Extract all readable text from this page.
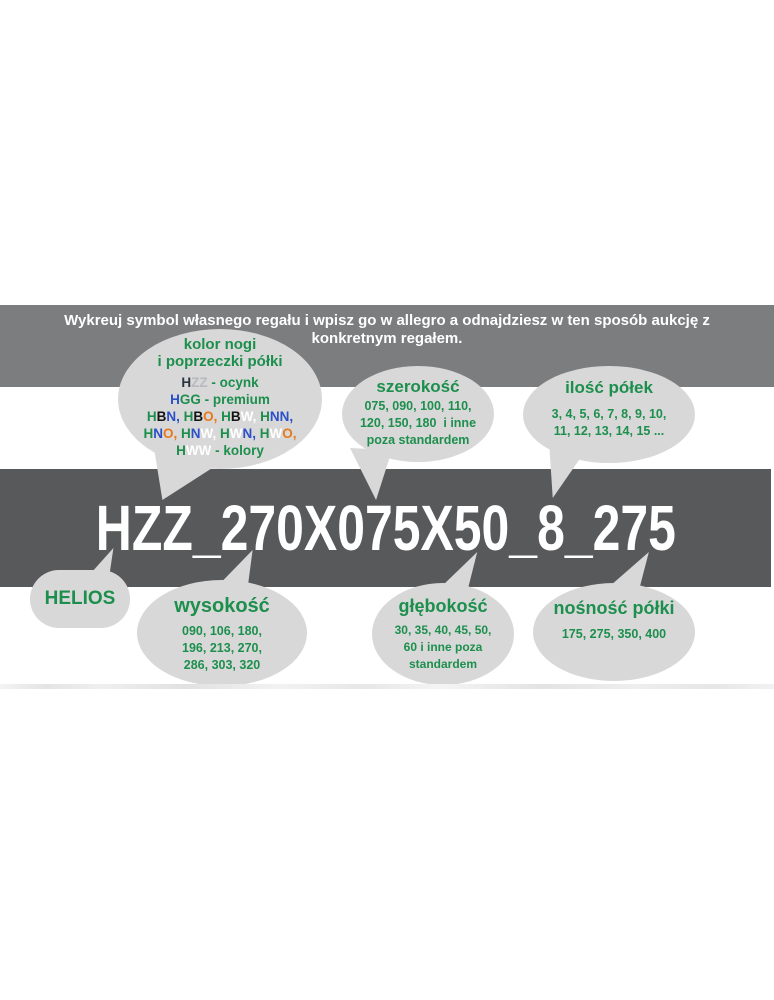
Wykreuj symbol własnego regału i wpisz go w allegro a odnajdziesz w ten sposób aukcję z
konkretnym regałem.
HZZ_270X075X50_8_275
kolor nogi
i poprzeczki półki
HZZ - ocynk
HGG - premium
HBN, HBO, HBW, HNN,
HNO, HNW, HWN, HWO,
HWW - kolory
szerokość
075, 090, 100, 110,
120, 150, 180  i inne
poza standardem
ilość półek
3, 4, 5, 6, 7, 8, 9, 10,
11, 12, 13, 14, 15 ...
HELIOS	wysokość
090, 106, 180,
196, 213, 270,
286, 303, 320
głębokość
30, 35, 40, 45, 50,
60 i inne poza
standardem
nośność półki
175, 275, 350, 400
